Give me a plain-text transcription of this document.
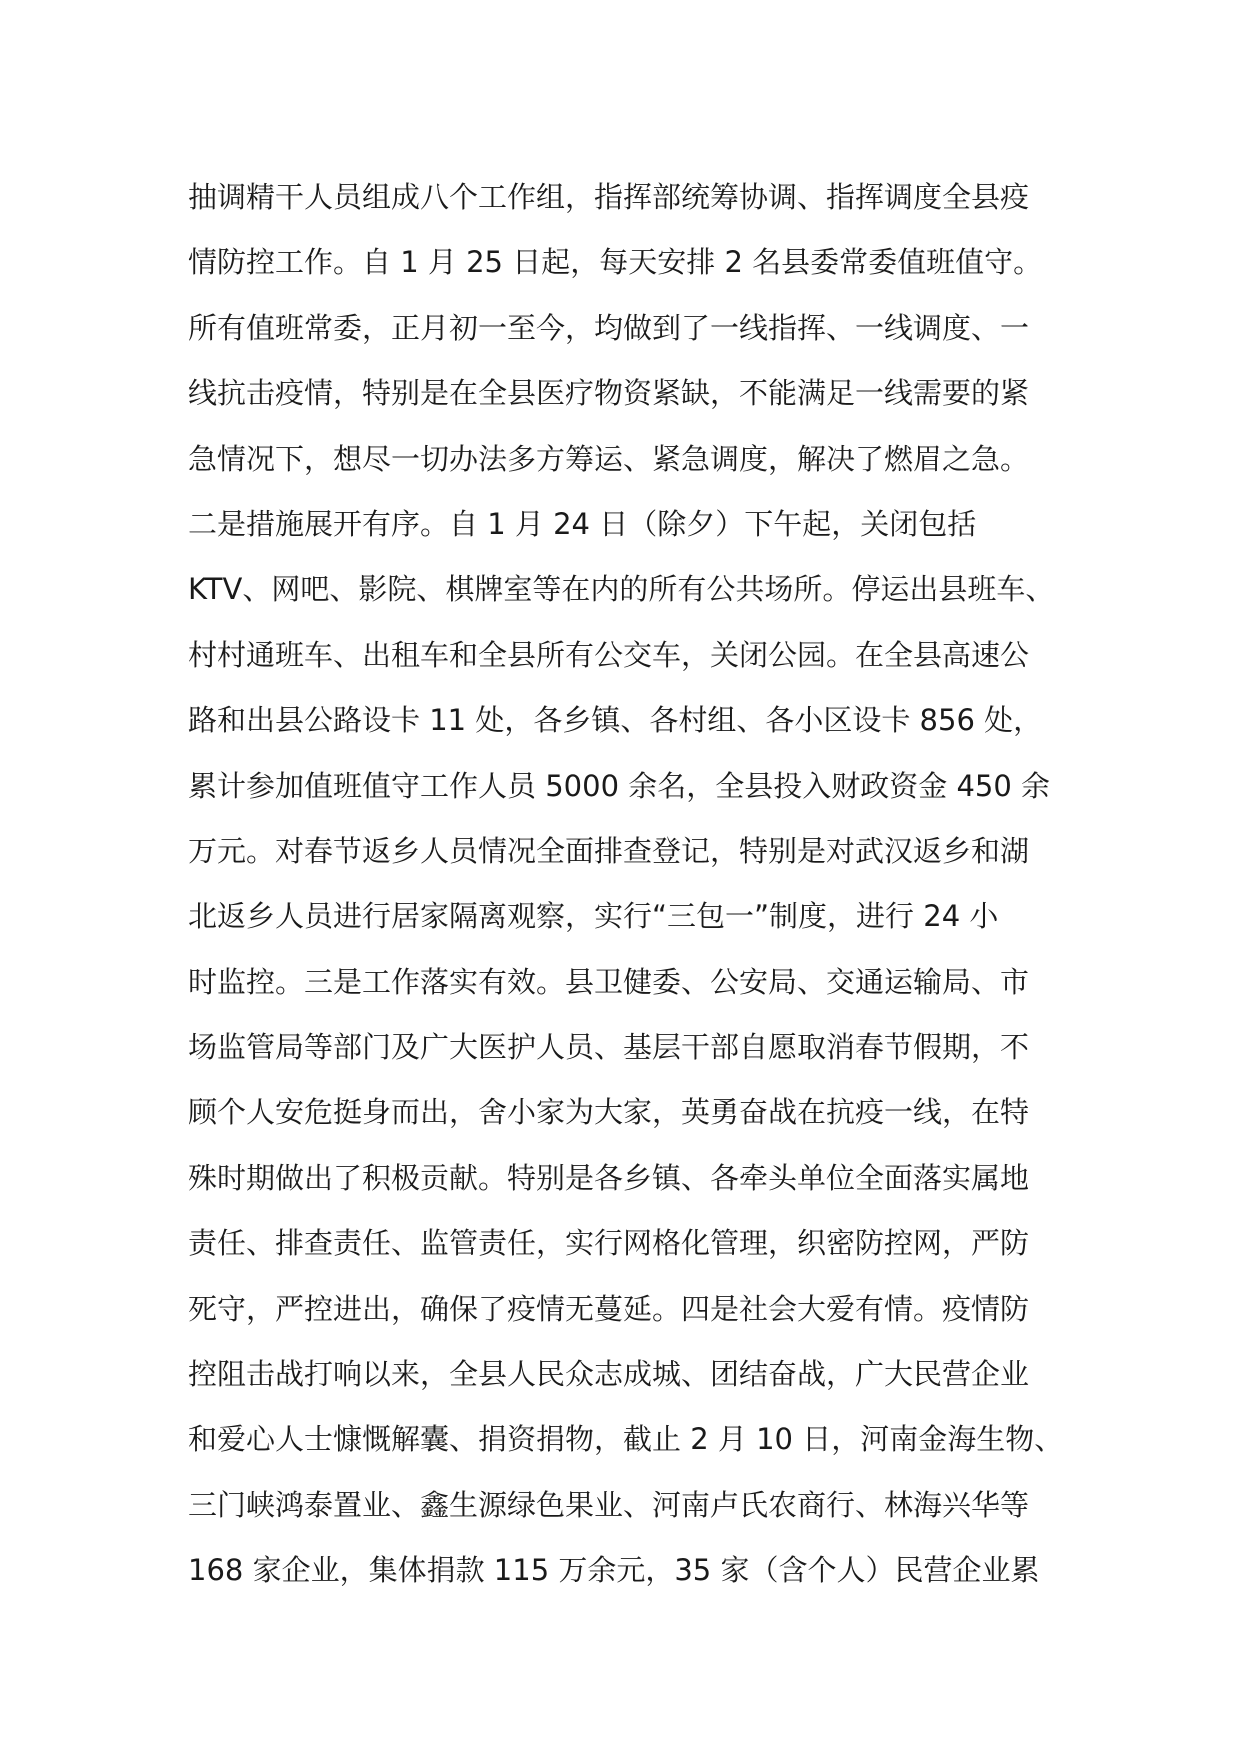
抽调精干人员组成八个工作组，指挥部统筹协调、指挥调度全县疫
情防控工作。自 1 月 25 日起，每天安排 2 名县委常委值班值守。
所有值班常委，正月初一至今，均做到了一线指挥、一线调度、一
线抗击疫情，特别是在全县医疗物资紧缺，不能满足一线需要的紧
急情况下，想尽一切办法多方筹运、紧急调度，解决了燃眉之急。
二是措施展开有序。自 1 月 24 日（除夕）下午起，关闭包括
KTV、网吧、影院、棋牌室等在内的所有公共场所。停运出县班车、
村村通班车、出租车和全县所有公交车，关闭公园。在全县高速公
路和出县公路设卡 11 处，各乡镇、各村组、各小区设卡 856 处，
累计参加值班值守工作人员 5000 余名，全县投入财政资金 450 余
万元。对春节返乡人员情况全面排查登记，特别是对武汉返乡和湖
北返乡人员进行居家隔离观察，实行“三包一”制度，进行 24 小
时监控。三是工作落实有效。县卫健委、公安局、交通运输局、市
场监管局等部门及广大医护人员、基层干部自愿取消春节假期，不
顾个人安危挺身而出，舍小家为大家，英勇奋战在抗疫一线，在特
殊时期做出了积极贡献。特别是各乡镇、各牵头单位全面落实属地
责任、排查责任、监管责任，实行网格化管理，织密防控网，严防
死守，严控进出，确保了疫情无蔓延。四是社会大爱有情。疫情防
控阻击战打响以来，全县人民众志成城、团结奋战，广大民营企业
和爱心人士慷慨解囊、捐资捐物，截止 2 月 10 日，河南金海生物、
三门峡鸿泰置业、鑫生源绿色果业、河南卢氏农商行、林海兴华等
168 家企业，集体捐款 115 万余元，35 家（含个人）民营企业累
